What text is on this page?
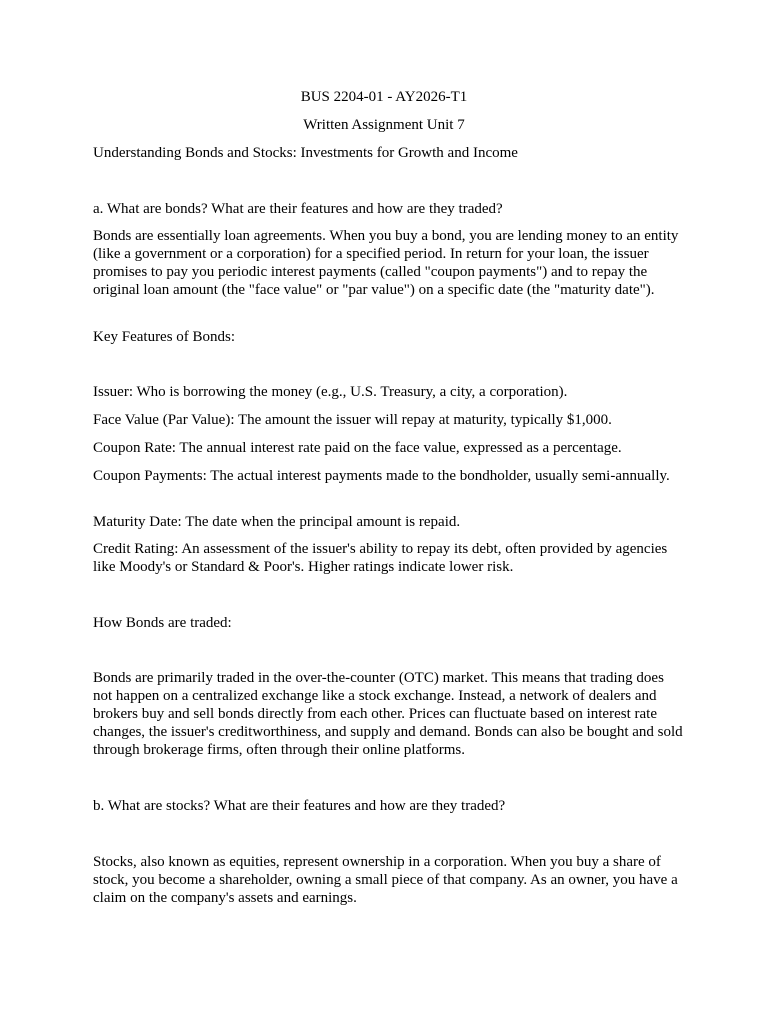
BUS 2204-01 - AY2026-T1
Written Assignment Unit 7

Understanding Bonds and Stocks: Investments for Growth and Income

a. What are bonds? What are their features and how are they traded?

Bonds are essentially loan agreements. When you buy a bond, you are lending money to an entity (like a government or a corporation) for a specified period. In return for your loan, the issuer promises to pay you periodic interest payments (called "coupon payments") and to repay the original loan amount (the "face value" or "par value") on a specific date (the "maturity date").

Key Features of Bonds:

Issuer: Who is borrowing the money (e.g., U.S. Treasury, a city, a corporation).

Face Value (Par Value): The amount the issuer will repay at maturity, typically $1,000.

Coupon Rate: The annual interest rate paid on the face value, expressed as a percentage.

Coupon Payments: The actual interest payments made to the bondholder, usually semi-annually.

Maturity Date: The date when the principal amount is repaid.

Credit Rating: An assessment of the issuer's ability to repay its debt, often provided by agencies like Moody's or Standard & Poor's. Higher ratings indicate lower risk.

How Bonds are traded:

Bonds are primarily traded in the over-the-counter (OTC) market. This means that trading does not happen on a centralized exchange like a stock exchange. Instead, a network of dealers and brokers buy and sell bonds directly from each other. Prices can fluctuate based on interest rate changes, the issuer's creditworthiness, and supply and demand. Bonds can also be bought and sold through brokerage firms, often through their online platforms.

b. What are stocks? What are their features and how are they traded?

Stocks, also known as equities, represent ownership in a corporation. When you buy a share of stock, you become a shareholder, owning a small piece of that company. As an owner, you have a claim on the company's assets and earnings.
